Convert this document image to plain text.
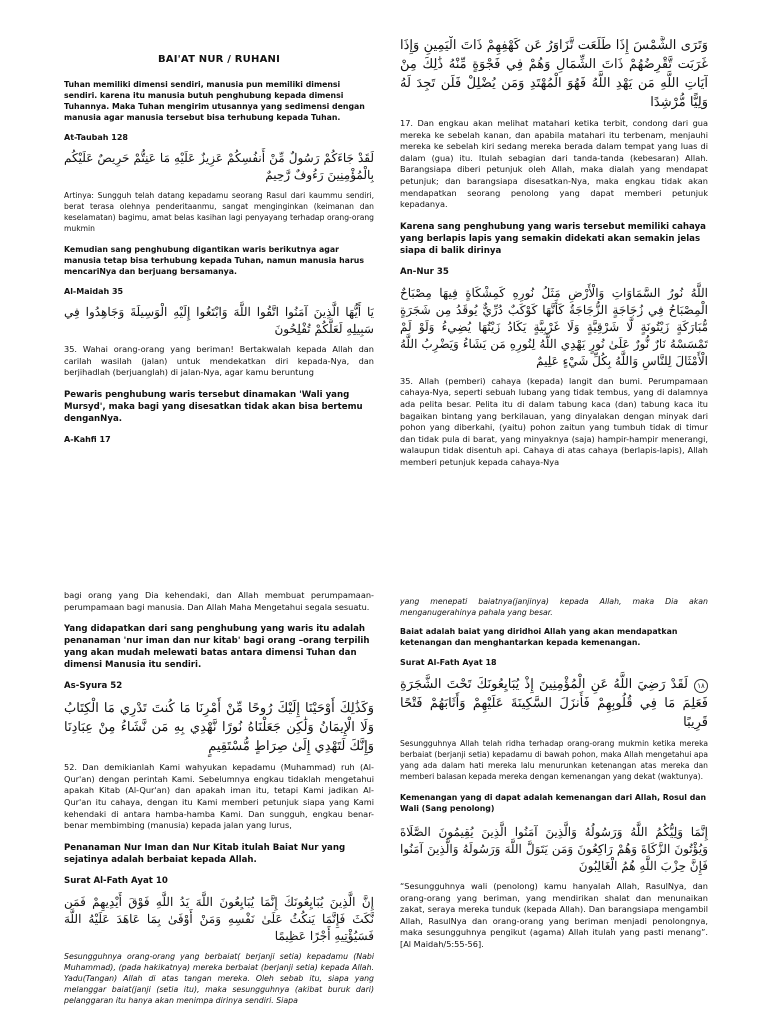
BAI'AT NUR / RUHANI
Tuhan memiliki dimensi sendiri, manusia pun memiliki dimensi sendiri. karena itu manusia butuh penghubung kepada dimensi Tuhannya. Maka Tuhan mengirim utusannya yang sedimensi dengan manusia agar manusia tersebut bisa terhubung kepada Tuhan.
At-Taubah 128
لَقَدْ جَاءَكُمْ رَسُولٌ مِّنْ أَنفُسِكُمْ عَزِيزٌ عَلَيْهِ مَا عَنِتُّمْ حَرِيصٌ عَلَيْكُم بِالْمُؤْمِنِينَ رَءُوفٌ رَّحِيمٌ
Artinya: Sungguh telah datang kepadamu seorang Rasul dari kaummu sendiri, berat terasa olehnya penderitaanmu, sangat menginginkan (keimanan dan keselamatan) bagimu, amat belas kasihan lagi penyayang terhadap orang-orang mukmin
Kemudian sang penghubung digantikan waris berikutnya agar manusia tetap bisa terhubung kepada Tuhan, namun manusia harus mencariNya dan berjuang bersamanya.
Al-Maidah 35
يَا أَيُّهَا الَّذِينَ آمَنُوا اتَّقُوا اللَّهَ وَابْتَغُوا إِلَيْهِ الْوَسِيلَةَ وَجَاهِدُوا فِي سَبِيلِهِ لَعَلَّكُمْ تُفْلِحُونَ
35. Wahai orang-orang yang beriman! Bertakwalah kepada Allah dan carilah wasilah (jalan) untuk mendekatkan diri kepada-Nya, dan berjihadlah (berjuanglah) di jalan-Nya, agar kamu beruntung
Pewaris penghubung waris tersebut dinamakan 'Wali yang Mursyd', maka bagi yang disesatkan tidak akan bisa bertemu denganNya.
A-Kahfi 17
وَتَرَى الشَّمْسَ إِذَا طَلَعَت تَّزَاوَرُ عَن كَهْفِهِمْ ذَاتَ الْيَمِينِ وَإِذَا غَرَبَت تَّقْرِضُهُمْ ذَاتَ الشِّمَالِ وَهُمْ فِي فَجْوَةٍ مِّنْهُ ذَٰلِكَ مِنْ آيَاتِ اللَّهِ مَن يَهْدِ اللَّهُ فَهُوَ الْمُهْتَدِ وَمَن يُضْلِلْ فَلَن تَجِدَ لَهُ وَلِيًّا مُّرْشِدًا
17. Dan engkau akan melihat matahari ketika terbit, condong dari gua mereka ke sebelah kanan, dan apabila matahari itu terbenam, menjauhi mereka ke sebelah kiri sedang mereka berada dalam tempat yang luas di dalam (gua) itu. Itulah sebagian dari tanda-tanda (kebesaran) Allah. Barangsiapa diberi petunjuk oleh Allah, maka dialah yang mendapat petunjuk; dan barangsiapa disesatkan-Nya, maka engkau tidak akan mendapatkan seorang penolong yang dapat memberi petunjuk kepadanya.
Karena sang penghubung yang waris tersebut memiliki cahaya yang berlapis lapis yang semakin didekati akan semakin jelas siapa di balik dirinya
An-Nur 35
اللَّهُ نُورُ السَّمَاوَاتِ وَالْأَرْضِ مَثَلُ نُورِهِ كَمِشْكَاةٍ فِيهَا مِصْبَاحٌ الْمِصْبَاحُ فِي زُجَاجَةٍ الزُّجَاجَةُ كَأَنَّهَا كَوْكَبٌ دُرِّيٌّ يُوقَدُ مِن شَجَرَةٍ مُّبَارَكَةٍ زَيْتُونَةٍ لَّا شَرْقِيَّةٍ وَلَا غَرْبِيَّةٍ يَكَادُ زَيْتُهَا يُضِيءُ وَلَوْ لَمْ تَمْسَسْهُ نَارٌ نُّورٌ عَلَىٰ نُورٍ يَهْدِي اللَّهُ لِنُورِهِ مَن يَشَاءُ وَيَضْرِبُ اللَّهُ الْأَمْثَالَ لِلنَّاسِ وَاللَّهُ بِكُلِّ شَيْءٍ عَلِيمٌ
35. Allah (pemberi) cahaya (kepada) langit dan bumi. Perumpamaan cahaya-Nya, seperti sebuah lubang yang tidak tembus, yang di dalamnya ada pelita besar. Pelita itu di dalam tabung kaca (dan) tabung kaca itu bagaikan bintang yang berkilauan, yang dinyalakan dengan minyak dari pohon yang diberkahi, (yaitu) pohon zaitun yang tumbuh tidak di timur dan tidak pula di barat, yang minyaknya (saja) hampir-hampir menerangi, walaupun tidak disentuh api. Cahaya di atas cahaya (berlapis-lapis), Allah memberi petunjuk kepada cahaya-Nya
bagi orang yang Dia kehendaki, dan Allah membuat perumpamaan-perumpamaan bagi manusia. Dan Allah Maha Mengetahui segala sesuatu.
Yang didapatkan dari sang penghubung yang waris itu adalah penanaman 'nur iman dan nur kitab' bagi orang –orang terpilih yang akan mudah melewati batas antara dimensi Tuhan dan dimensi Manusia itu sendiri.
As-Syura 52
وَكَذَٰلِكَ أَوْحَيْنَا إِلَيْكَ رُوحًا مِّنْ أَمْرِنَا مَا كُنتَ تَدْرِي مَا الْكِتَابُ وَلَا الْإِيمَانُ وَلَٰكِن جَعَلْنَاهُ نُورًا نَّهْدِي بِهِ مَن نَّشَاءُ مِنْ عِبَادِنَا وَإِنَّكَ لَتَهْدِي إِلَىٰ صِرَاطٍ مُّسْتَقِيمٍ
52. Dan demikianlah Kami wahyukan kepadamu (Muhammad) ruh (Al-Qur'an) dengan perintah Kami. Sebelumnya engkau tidaklah mengetahui apakah Kitab (Al-Qur'an) dan apakah iman itu, tetapi Kami jadikan Al-Qur'an itu cahaya, dengan itu Kami memberi petunjuk siapa yang Kami kehendaki di antara hamba-hamba Kami. Dan sungguh, engkau benar-benar membimbing (manusia) kepada jalan yang lurus,
Penanaman Nur Iman dan Nur Kitab itulah Baiat Nur yang sejatinya adalah berbaiat kepada Allah.
Surat Al-Fath Ayat 10
إِنَّ الَّذِينَ يُبَايِعُونَكَ إِنَّمَا يُبَايِعُونَ اللَّهَ يَدُ اللَّهِ فَوْقَ أَيْدِيهِمْ فَمَن نَّكَثَ فَإِنَّمَا يَنكُثُ عَلَىٰ نَفْسِهِ وَمَنْ أَوْفَىٰ بِمَا عَاهَدَ عَلَيْهُ اللَّهَ فَسَيُؤْتِيهِ أَجْرًا عَظِيمًا
Sesungguhnya orang-orang yang berbaiat( berjanji setia) kepadamu (Nabi Muhammad), (pada hakikatnya) mereka berbaiat (berjanji setia) kepada Allah. Yadu(Tangan) Allah di atas tangan mereka. Oleh sebab itu, siapa yang melanggar baiat(janji (setia itu), maka sesungguhnya (akibat buruk dari) pelanggaran itu hanya akan menimpa dirinya sendiri. Siapa
yang menepati baiatnya(janjinya) kepada Allah, maka Dia akan menganugerahinya pahala yang besar.
Baiat adalah baiat yang diridhoi Allah yang akan mendapatkan ketenangan dan menghantarkan kepada kemenangan.
Surat Al-Fath Ayat 18
١٨لَقَدْ رَضِيَ اللَّهُ عَنِ الْمُؤْمِنِينَ إِذْ يُبَايِعُونَكَ تَحْتَ الشَّجَرَةِ فَعَلِمَ مَا فِي قُلُوبِهِمْ فَأَنزَلَ السَّكِينَةَ عَلَيْهِمْ وَأَثَابَهُمْ فَتْحًا قَرِيبًا
Sesungguhnya Allah telah ridha terhadap orang-orang mukmin ketika mereka berbaiat (berjanji setia) kepadamu di bawah pohon, maka Allah mengetahui apa yang ada dalam hati mereka lalu menurunkan ketenangan atas mereka dan memberi balasan kepada mereka dengan kemenangan yang dekat (waktunya).
Kemenangan yang di dapat adalah kemenangan dari Allah, Rosul dan Wali (Sang penolong)
إِنَّمَا وَلِيُّكُمُ اللَّهُ وَرَسُولُهُ وَالَّذِينَ آمَنُوا الَّذِينَ يُقِيمُونَ الصَّلَاةَ وَيُؤْتُونَ الزَّكَاةَ وَهُمْ رَاكِعُونَ وَمَن يَتَوَلَّ اللَّهَ وَرَسُولَهُ وَالَّذِينَ آمَنُوا فَإِنَّ حِزْبَ اللَّهِ هُمُ الْغَالِبُونَ
“Sesungguhnya wali (penolong) kamu hanyalah Allah, RasulNya, dan orang-orang yang beriman, yang mendirikan shalat dan menunaikan zakat, seraya mereka tunduk (kepada Allah). Dan barangsiapa mengambil Allah, RasulNya dan orang-orang yang beriman menjadi penolongnya, maka sesungguhnya pengikut (agama) Allah itulah yang pasti menang”. [Al Maidah/5:55-56].
